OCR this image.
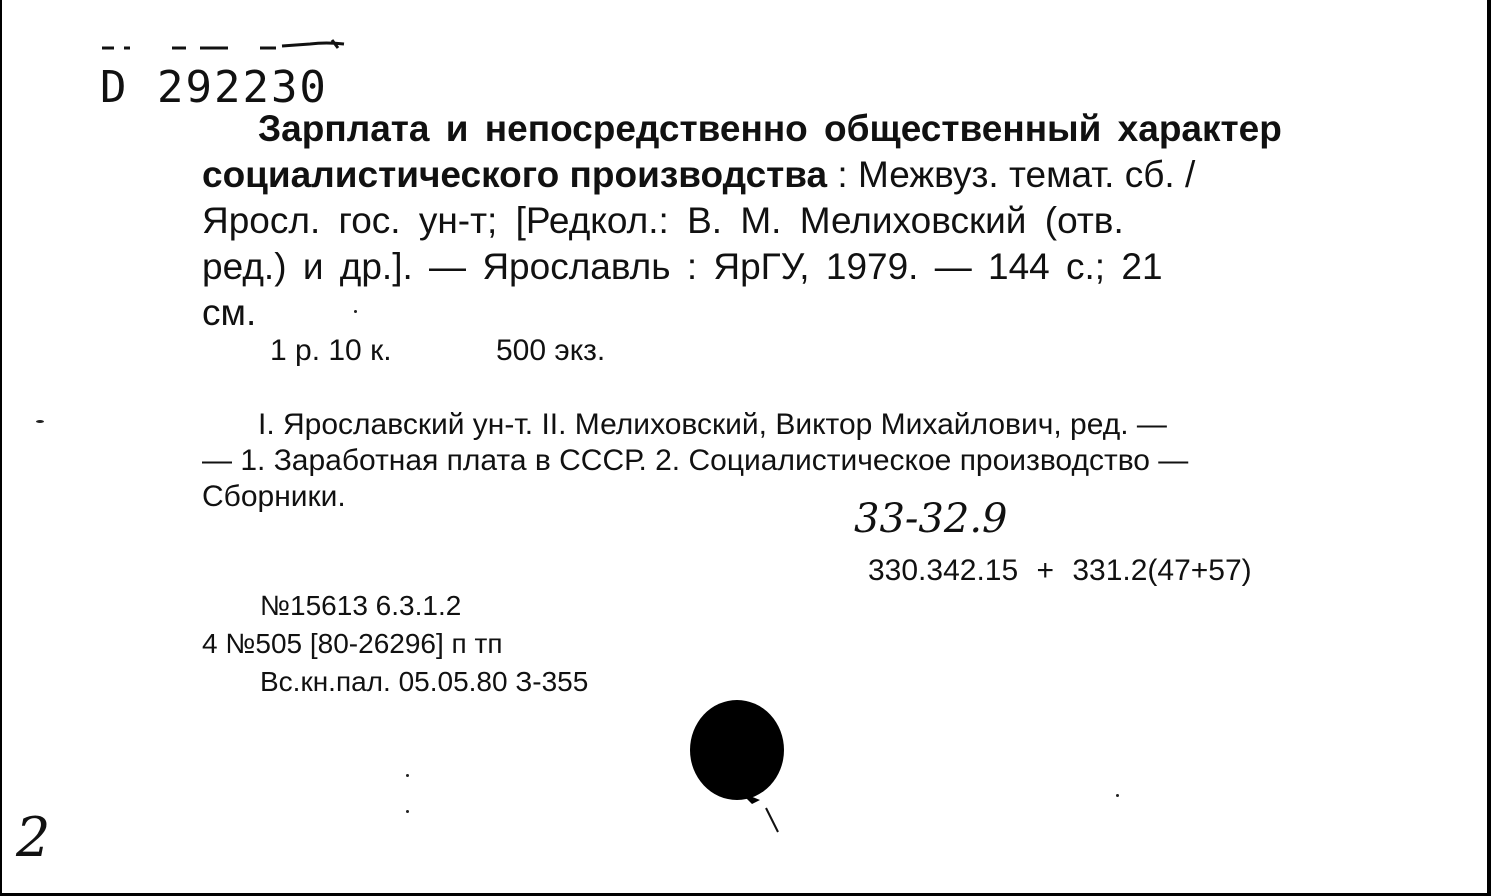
D 292230
Зарплата и непосредственно общественный характер
социалистического производства : Межвуз. темат. сб. /
Яросл. гос. ун-т; [Редкол.: В. М. Мелиховский (отв.
ред.) и др.]. — Ярославль : ЯрГУ, 1979. — 144 с.; 21
см.
1 р. 10 к.	500 экз.
I. Ярославский ун-т. II. Мелиховский, Виктор Михайлович, ред. —
— 1. Заработная плата в СССР. 2. Социалистическое производство —
Сборники.	33-32.9
330.342.15 + 331.2(47+57)
№15613 6.3.1.2
4 №505 [80-26296] п тп
Вс.кн.пал. 05.05.80 З-355
2
